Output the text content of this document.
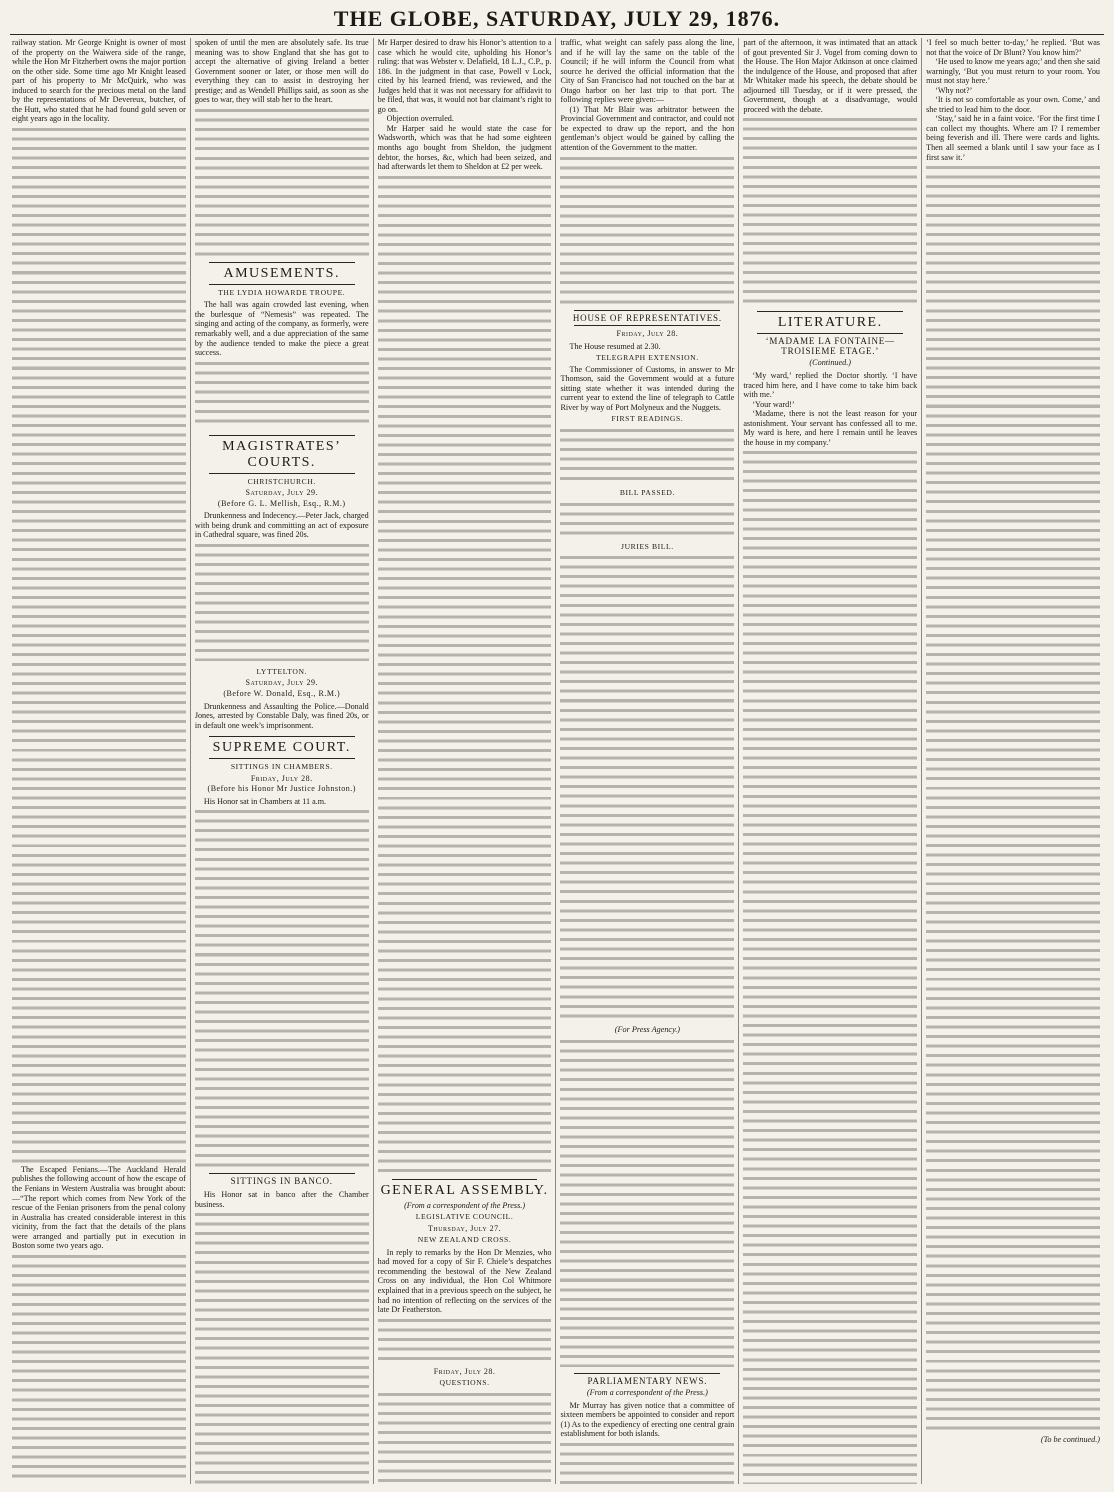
THE GLOBE, SATURDAY, JULY 29, 1876.

railway station. Mr George Knight is owner of most of the property on the Waiwera side of the range, while the Hon Mr Fitzherbert owns the major portion on the other side. Some time ago Mr Knight leased part of his property to Mr McQuirk, who was induced to search for the precious metal on the land by the representations of Mr Devereux, butcher, of the Hutt, who stated that he had found gold seven or eight years ago in the locality.

The Escaped Fenians.—The Auckland Herald publishes the following account of how the escape of the Fenians in Western Australia was brought about:—“The report which comes from New York of the rescue of the Fenian prisoners from the penal colony in Australia has created considerable interest in this vicinity, from the fact that the details of the plans were arranged and partially put in execution in Boston some two years ago.

spoken of until the men are absolutely safe. Its true meaning was to show England that she has got to accept the alternative of giving Ireland a better Government sooner or later, or those men will do everything they can to assist in destroying her prestige; and as Wendell Phillips said, as soon as she goes to war, they will stab her to the heart.

AMUSEMENTS.
THE LYDIA HOWARDE TROUPE.

The hall was again crowded last evening, when the burlesque of “Nemesis” was repeated. The singing and acting of the company, as formerly, were remarkably well, and a due appreciation of the same by the audience tended to make the piece a great success.

MAGISTRATES’ COURTS.
CHRISTCHURCH.
Saturday, July 29.
(Before G. L. Mellish, Esq., R.M.)

Drunkenness and Indecency.—Peter Jack, charged with being drunk and committing an act of exposure in Cathedral square, was fined 20s.

LYTTELTON.
Saturday, July 29.
(Before W. Donald, Esq., R.M.)

Drunkenness and Assaulting the Police.—Donald Jones, arrested by Constable Daly, was fined 20s, or in default one week’s imprisonment.

SUPREME COURT.
SITTINGS IN CHAMBERS.
Friday, July 28.
(Before his Honor Mr Justice Johnston.)

His Honor sat in Chambers at 11 a.m.

SITTINGS IN BANCO.

His Honor sat in banco after the Chamber business.

Mr Harper desired to draw his Honor’s attention to a case which he would cite, upholding his Honor’s ruling: that was Webster v. Delafield, 18 L.J., C.P., p. 186. In the judgment in that case, Powell v Lock, cited by his learned friend, was reviewed, and the Judges held that it was not necessary for affidavit to be filed, that was, it would not bar claimant’s right to go on.

Objection overruled.

Mr Harper said he would state the case for Wadsworth, which was that he had some eighteen months ago bought from Sheldon, the judgment debtor, the horses, &c, which had been seized, and had afterwards let them to Sheldon at £2 per week.

GENERAL ASSEMBLY.
(From a correspondent of the Press.)
LEGISLATIVE COUNCIL.
Thursday, July 27.
NEW ZEALAND CROSS.

In reply to remarks by the Hon Dr Menzies, who had moved for a copy of Sir F. Chiele’s despatches recommending the bestowal of the New Zealand Cross on any individual, the Hon Col Whitmore explained that in a previous speech on the subject, he had no intention of reflecting on the services of the late Dr Featherston.

Friday, July 28.
QUESTIONS.

traffic, what weight can safely pass along the line, and if he will lay the same on the table of the Council; if he will inform the Council from what source he derived the official information that the City of San Francisco had not touched on the bar at Otago harbor on her last trip to that port. The following replies were given:—

(1) That Mr Blair was arbitrator between the Provincial Government and contractor, and could not be expected to draw up the report, and the hon gentleman’s object would be gained by calling the attention of the Government to the matter.

HOUSE OF REPRESENTATIVES.
Friday, July 28.

The House resumed at 2.30.

TELEGRAPH EXTENSION.

The Commissioner of Customs, in answer to Mr Thomson, said the Government would at a future sitting state whether it was intended during the current year to extend the line of telegraph to Cattle River by way of Port Molyneux and the Nuggets.

FIRST READINGS.
BILL PASSED.
JURIES BILL.
(For Press Agency.)
PARLIAMENTARY NEWS.
(From a correspondent of the Press.)

Mr Murray has given notice that a committee of sixteen members be appointed to consider and report (1) As to the expediency of erecting one central grain establishment for both islands.

part of the afternoon, it was intimated that an attack of gout prevented Sir J. Vogel from coming down to the House. The Hon Major Atkinson at once claimed the indulgence of the House, and proposed that after Mr Whitaker made his speech, the debate should be adjourned till Tuesday, or if it were pressed, the Government, though at a disadvantage, would proceed with the debate.

LITERATURE.
‘MADAME LA FONTAINE—TROISIEME ETAGE.’
(Continued.)

‘My ward,’ replied the Doctor shortly. ‘I have traced him here, and I have come to take him back with me.’

‘Your ward!’

‘Madame, there is not the least reason for your astonishment. Your servant has confessed all to me. My ward is here, and here I remain until he leaves the house in my company.’

‘I feel so much better to-day,’ he replied. ‘But was not that the voice of Dr Blunt? You know him?’

‘He used to know me years ago;’ and then she said warningly, ‘But you must return to your room. You must not stay here.’

‘Why not?’

‘It is not so comfortable as your own. Come,’ and she tried to lead him to the door.

‘Stay,’ said he in a faint voice. ‘For the first time I can collect my thoughts. Where am I? I remember being feverish and ill. There were cards and lights. Then all seemed a blank until I saw your face as I first saw it.’

(To be continued.)
